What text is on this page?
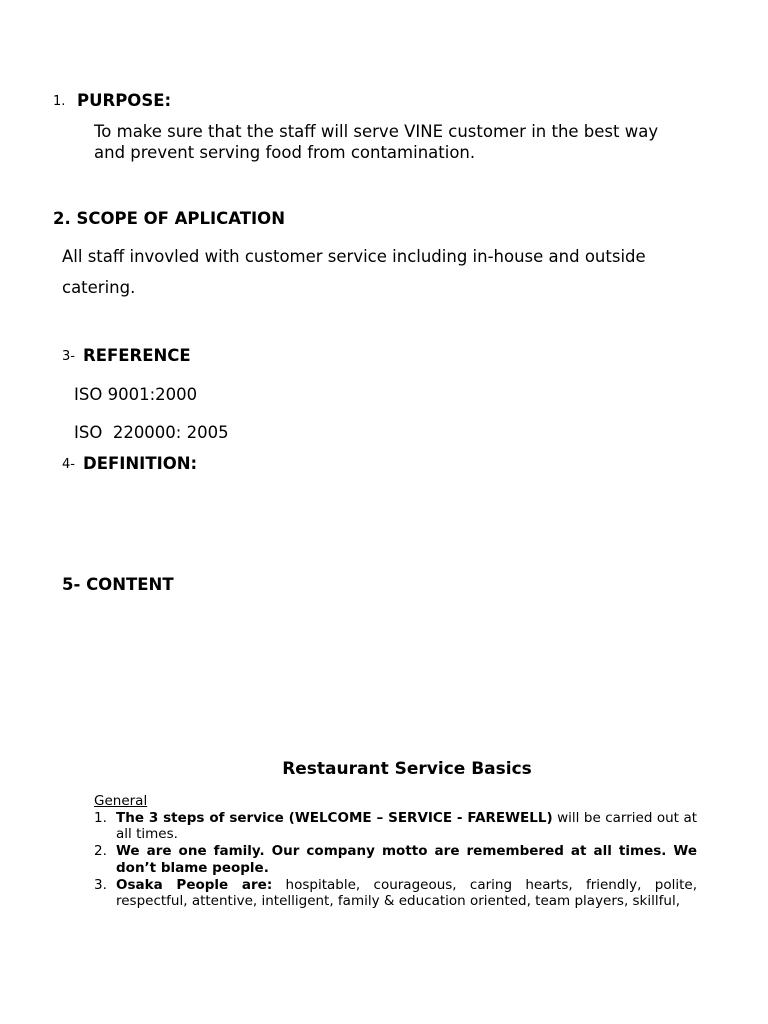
1. PURPOSE:
To make sure that the staff will serve VINE customer in the best way
and prevent serving food from contamination.
2. SCOPE OF APLICATION
All staff invovled with customer service including in-house and outside
catering.
3- REFERENCE
ISO 9001:2000
ISO  220000: 2005
4- DEFINITION:
5- CONTENT
Restaurant Service Basics
General
1. The 3 steps of service (WELCOME – SERVICE - FAREWELL) will be carried out at all times.
2. We are one family. Our company motto are remembered at all times. We don’t blame people.
3. Osaka People are: hospitable, courageous, caring hearts, friendly, polite, respectful, attentive, intelligent, family & education oriented, team players, skillful,
